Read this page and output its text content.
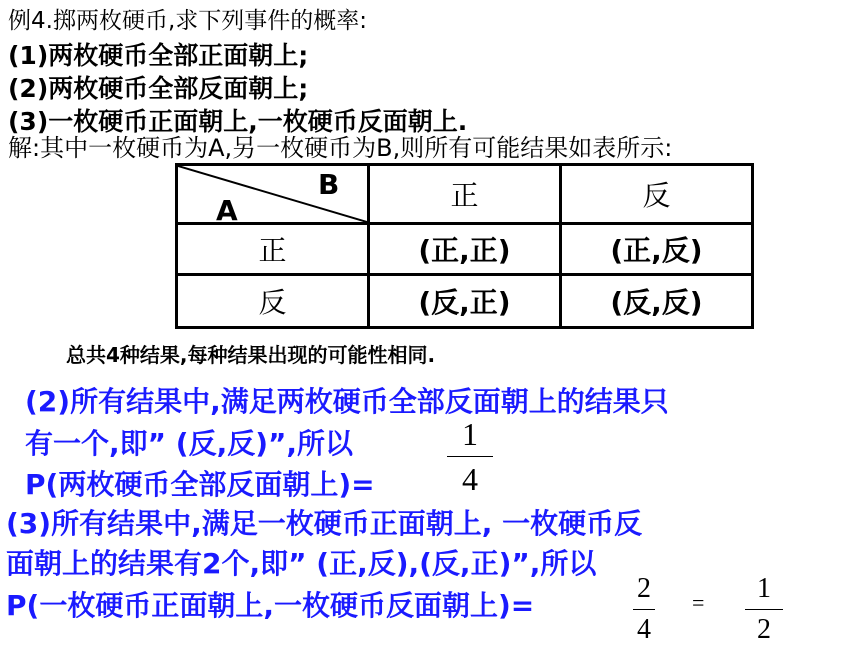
例4.掷两枚硬币,求下列事件的概率:
(1)两枚硬币全部正面朝上;
(2)两枚硬币全部反面朝上;
(3)一枚硬币正面朝上,一枚硬币反面朝上.
解:其中一枚硬币为A,另一枚硬币为B,则所有可能结果如表所示:
B
A	正	反
正	(正,正)	(正,反)
反	(反,正)	(反,反)
总共4种结果,每种结果出现的可能性相同.
(2)所有结果中,满足两枚硬币全部反面朝上的结果只
有一个,即” (反,反)”,所以
P(两枚硬币全部反面朝上)=
1
4
(3)所有结果中,满足一枚硬币正面朝上, 一枚硬币反
面朝上的结果有2个,即” (正,反),(反,正)”,所以
P(一枚硬币正面朝上,一枚硬币反面朝上)=
2
4
=	1
2
